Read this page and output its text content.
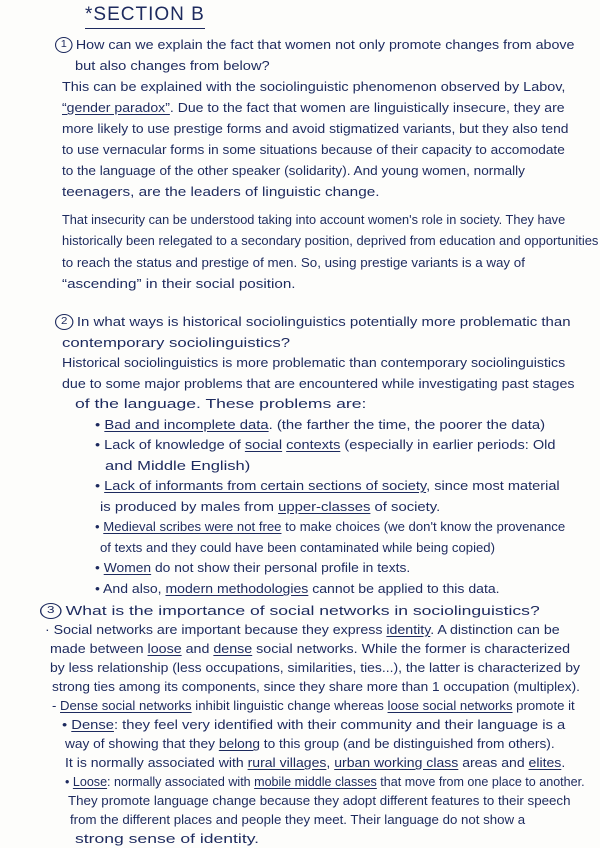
*SECTION B
1 How can we explain the fact that women not only promote changes from above
but also changes from below?
This can be explained with the sociolinguistic phenomenon observed by Labov,
“gender paradox”. Due to the fact that women are linguistically insecure, they are
more likely to use prestige forms and avoid stigmatized variants, but they also tend
to use vernacular forms in some situations because of their capacity to accomodate
to the language of the other speaker (solidarity). And young women, normally
teenagers, are the leaders of linguistic change.
That insecurity can be understood taking into account women's role in society. They have
historically been relegated to a secondary position, deprived from education and opportunities
to reach the status and prestige of men. So, using prestige variants is a way of
“ascending” in their social position.
2 In what ways is historical sociolinguistics potentially more problematic than
contemporary sociolinguistics?
Historical sociolinguistics is more problematic than contemporary sociolinguistics
due to some major problems that are encountered while investigating past stages
of the language. These problems are:
• Bad and incomplete data. (the farther the time, the poorer the data)
• Lack of knowledge of social contexts (especially in earlier periods: Old
and Middle English)
• Lack of informants from certain sections of society, since most material
is produced by males from upper-classes of society.
• Medieval scribes were not free to make choices (we don't know the provenance
of texts and they could have been contaminated while being copied)
• Women do not show their personal profile in texts.
• And also, modern methodologies cannot be applied to this data.
3 What is the importance of social networks in sociolinguistics?
· Social networks are important because they express identity. A distinction can be
made between loose and dense social networks. While the former is characterized
by less relationship (less occupations, similarities, ties...), the latter is characterized by
strong ties among its components, since they share more than 1 occupation (multiplex).
- Dense social networks inhibit linguistic change whereas loose social networks promote it
• Dense: they feel very identified with their community and their language is a
way of showing that they belong to this group (and be distinguished from others).
It is normally associated with rural villages, urban working class areas and elites.
• Loose: normally associated with mobile middle classes that move from one place to another.
They promote language change because they adopt different features to their speech
from the different places and people they meet. Their language do not show a
strong sense of identity.
